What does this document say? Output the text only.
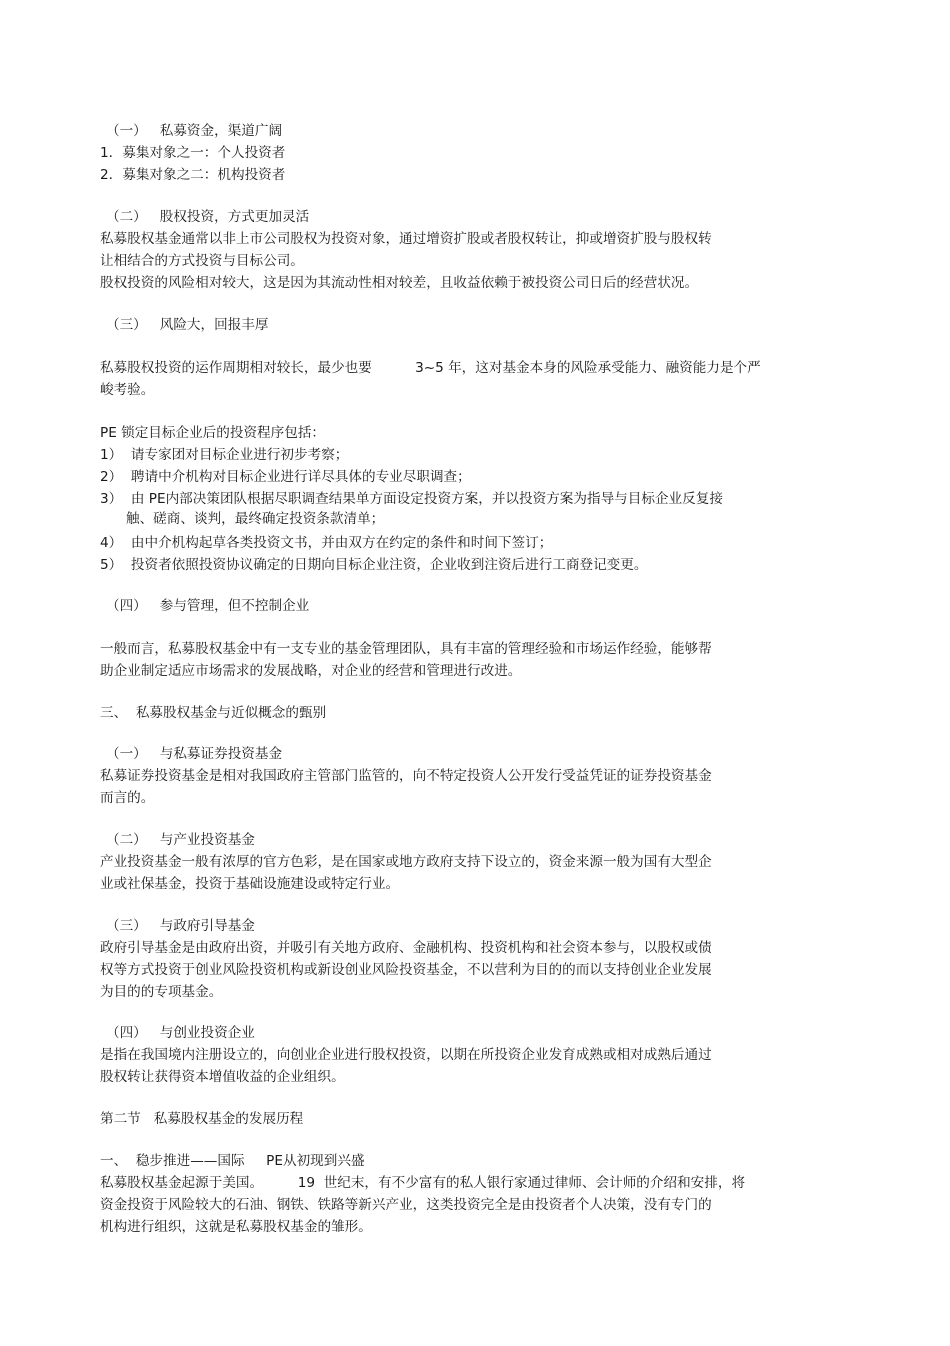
（一）   私募资金，渠道广阔
1．募集对象之一：个人投资者
2．募集对象之二：机构投资者
（二）   股权投资，方式更加灵活
私募股权基金通常以非上市公司股权为投资对象，通过增资扩股或者股权转让，抑或增资扩股与股权转
让相结合的方式投资与目标公司。
股权投资的风险相对较大，这是因为其流动性相对较差，且收益依赖于被投资公司日后的经营状况。
（三）   风险大，回报丰厚
私募股权投资的运作周期相对较长，最少也要          3~5 年，这对基金本身的风险承受能力、融资能力是个严
峻考验。
PE 锁定目标企业后的投资程序包括：
1）  请专家团对目标企业进行初步考察；
2）  聘请中介机构对目标企业进行详尽具体的专业尽职调查；
3）  由 PE内部决策团队根据尽职调查结果单方面设定投资方案，并以投资方案为指导与目标企业反复接
触、磋商、谈判，最终确定投资条款清单；
4）  由中介机构起草各类投资文书，并由双方在约定的条件和时间下签订；
5）  投资者依照投资协议确定的日期向目标企业注资，企业收到注资后进行工商登记变更。
（四）   参与管理，但不控制企业
一般而言，私募股权基金中有一支专业的基金管理团队，具有丰富的管理经验和市场运作经验，能够帮
助企业制定适应市场需求的发展战略，对企业的经营和管理进行改进。
三、  私募股权基金与近似概念的甄别
（一）   与私募证券投资基金
私募证券投资基金是相对我国政府主管部门监管的，向不特定投资人公开发行受益凭证的证券投资基金
而言的。
（二）   与产业投资基金
产业投资基金一般有浓厚的官方色彩，是在国家或地方政府支持下设立的，资金来源一般为国有大型企
业或社保基金，投资于基础设施建设或特定行业。
（三）   与政府引导基金
政府引导基金是由政府出资，并吸引有关地方政府、金融机构、投资机构和社会资本参与，以股权或债
权等方式投资于创业风险投资机构或新设创业风险投资基金，不以营利为目的的而以支持创业企业发展
为目的的专项基金。
（四）   与创业投资企业
是指在我国境内注册设立的，向创业企业进行股权投资，以期在所投资企业发育成熟或相对成熟后通过
股权转让获得资本增值收益的企业组织。
第二节   私募股权基金的发展历程
一、  稳步推进——国际     PE从初现到兴盛
私募股权基金起源于美国。        19  世纪末，有不少富有的私人银行家通过律师、会计师的介绍和安排，将
资金投资于风险较大的石油、钢铁、铁路等新兴产业，这类投资完全是由投资者个人决策，没有专门的
机构进行组织，这就是私募股权基金的雏形。
